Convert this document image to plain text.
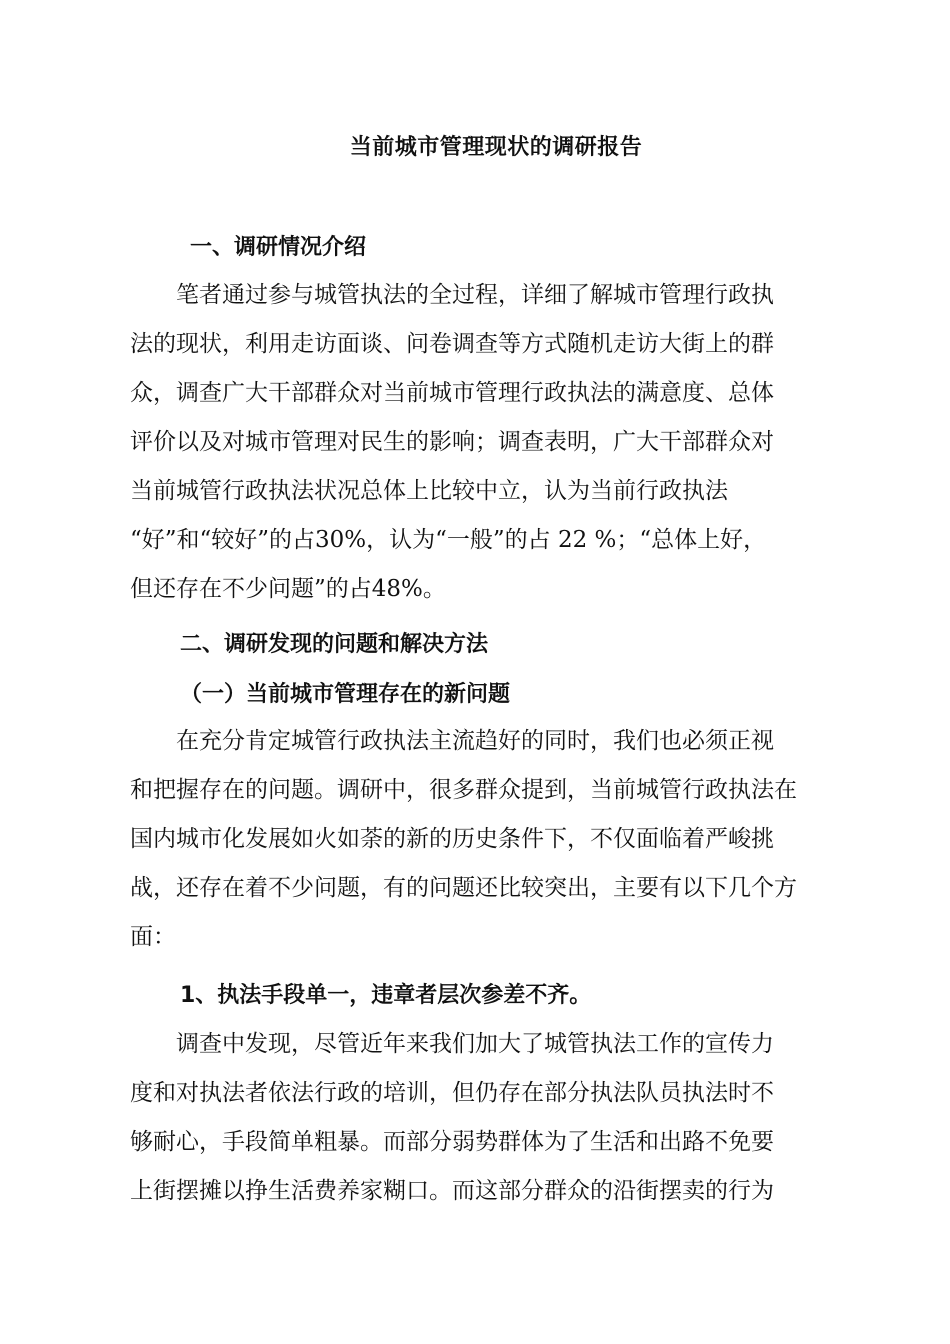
当前城市管理现状的调研报告
一、调研情况介绍
笔者通过参与城管执法的全过程，详细了解城市管理行政执
法的现状，利用走访面谈、问卷调查等方式随机走访大街上的群
众，调查广大干部群众对当前城市管理行政执法的满意度、总体
评价以及对城市管理对民生的影响；调查表明，广大干部群众对
当前城管行政执法状况总体上比较中立，认为当前行政执法
“好”和“较好”的占30%，认为“一般”的占 22 %；“总体上好，
但还存在不少问题”的占48%。
二、调研发现的问题和解决方法
（一）当前城市管理存在的新问题
在充分肯定城管行政执法主流趋好的同时，我们也必须正视
和把握存在的问题。调研中，很多群众提到，当前城管行政执法在
国内城市化发展如火如荼的新的历史条件下，不仅面临着严峻挑
战，还存在着不少问题，有的问题还比较突出，主要有以下几个方
面：
1、执法手段单一，违章者层次参差不齐。
调查中发现，尽管近年来我们加大了城管执法工作的宣传力
度和对执法者依法行政的培训，但仍存在部分执法队员执法时不
够耐心，手段简单粗暴。而部分弱势群体为了生活和出路不免要
上街摆摊以挣生活费养家糊口。而这部分群众的沿街摆卖的行为
